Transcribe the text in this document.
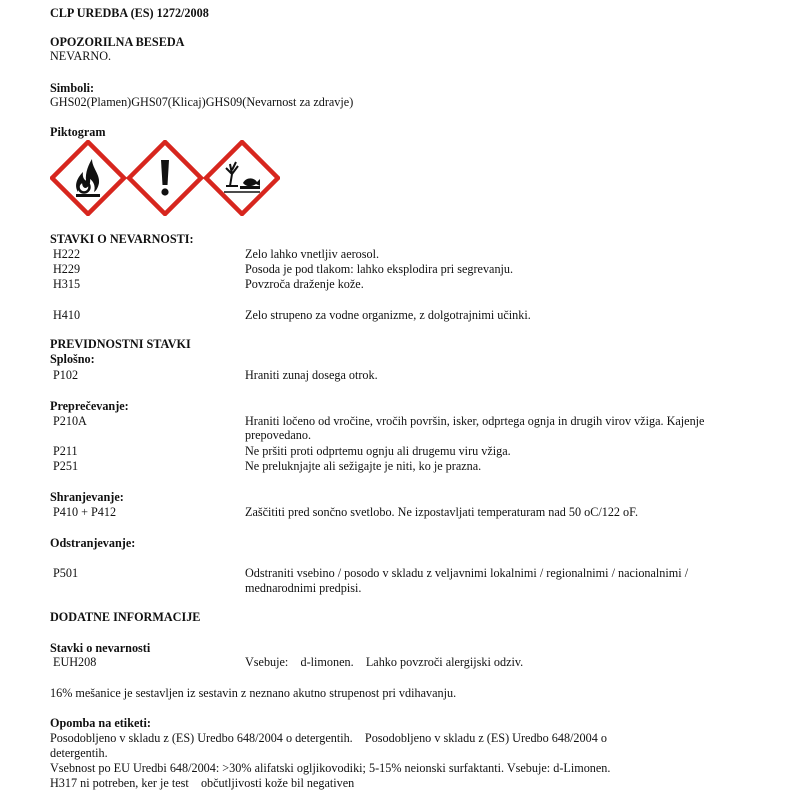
CLP UREDBA (ES) 1272/2008
OPOZORILNA BESEDA
NEVARNO.
Simboli:
GHS02(Plamen)GHS07(Klicaj)GHS09(Nevarnost za zdravje)
Piktogram
STAVKI O NEVARNOSTI:
H222	Zelo lahko vnetljiv aerosol.
H229	Posoda je pod tlakom: lahko eksplodira pri segrevanju.
H315	Povzroča draženje kože.
H410	Zelo strupeno za vodne organizme, z dolgotrajnimi učinki.
PREVIDNOSTNI STAVKI
Splošno:
P102	Hraniti zunaj dosega otrok.
Preprečevanje:
P210A	Hraniti ločeno od vročine, vročih površin, isker, odprtega ognja in drugih virov vžiga. Kajenje
prepovedano.
P211	Ne pršiti proti odprtemu ognju ali drugemu viru vžiga.
P251	Ne preluknjajte ali sežigajte je niti, ko je prazna.
Shranjevanje:
P410 + P412	Zaščititi pred sončno svetlobo. Ne izpostavljati temperaturam nad 50 oC/122 oF.
Odstranjevanje:
P501	Odstraniti vsebino / posodo v skladu z veljavnimi lokalnimi / regionalnimi / nacionalnimi /
mednarodnimi predpisi.
DODATNE INFORMACIJE
Stavki o nevarnosti
EUH208	Vsebuje:    d-limonen.    Lahko povzroči alergijski odziv.
16% mešanice je sestavljen iz sestavin z neznano akutno strupenost pri vdihavanju.
Opomba na etiketi:
Posodobljeno v skladu z (ES) Uredbo 648/2004 o detergentih.    Posodobljeno v skladu z (ES) Uredbo 648/2004 o
detergentih.
Vsebnost po EU Uredbi 648/2004: >30% alifatski ogljikovodiki; 5-15% neionski surfaktanti. Vsebuje: d-Limonen.
H317 ni potreben, ker je test    občutljivosti kože bil negativen
